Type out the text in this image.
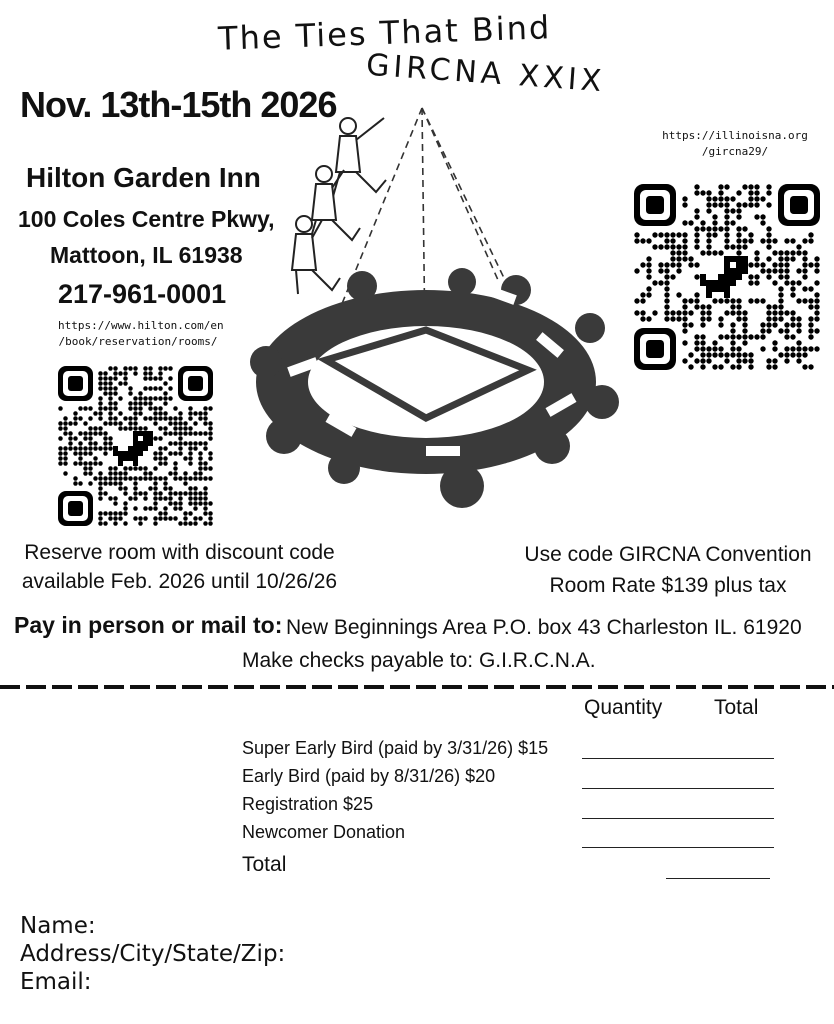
The Ties That Bind
GIRCNA XXIX
Nov. 13th-15th 2026
Hilton Garden Inn
100 Coles Centre Pkwy,
Mattoon, IL 61938
217-961-0001
https://www.hilton.com/en
/book/reservation/rooms/
https://illinoisna.org
/gircna29/
Reserve room with discount code
available Feb. 2026 until 10/26/26
Use code GIRCNA Convention
Room Rate $139 plus tax
Pay in person or mail to: New Beginnings Area P.O. box 43 Charleston IL. 61920
Make checks payable to: G.I.R.C.N.A.
Quantity Total
Super Early Bird (paid by 3/31/26) $15
Early Bird (paid by 8/31/26) $20
Registration $25
Newcomer Donation
Total
Name:
Address/City/State/Zip:
Email:
